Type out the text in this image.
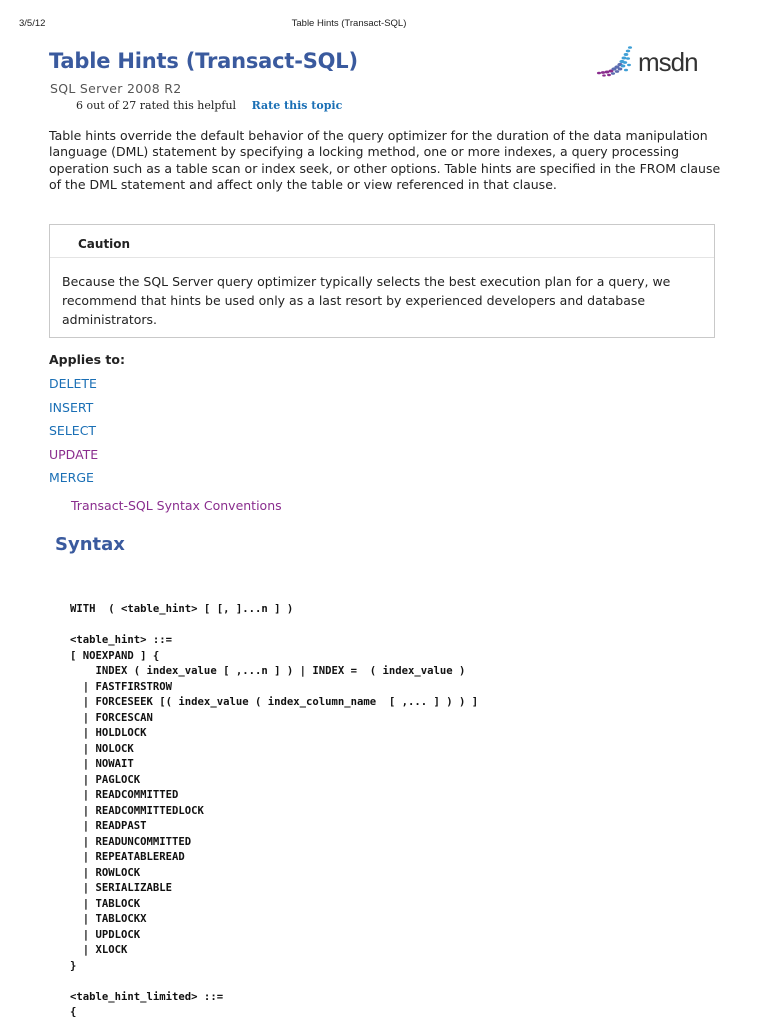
3/5/12	Table Hints (Transact-SQL)
Table Hints (Transact-SQL)
SQL Server 2008 R2
6 out of 27 rated this helpful Rate this topic
msdn

Table hints override the default behavior of the query optimizer for the duration of the data manipulation language (DML) statement by specifying a locking method, one or more indexes, a query processing operation such as a table scan or index seek, or other options. Table hints are specified in the FROM clause of the DML statement and affect only the table or view referenced in that clause.

Caution

Because the SQL Server query optimizer typically selects the best execution plan for a query, we recommend that hints be used only as a last resort by experienced developers and database administrators.

Applies to:
DELETE
INSERT
SELECT
UPDATE
MERGE
Transact-SQL Syntax Conventions
Syntax
WITH  ( <table_hint> [ [, ]...n ] )

<table_hint> ::=
[ NOEXPAND ] {
INDEX ( index_value [ ,...n ] ) | INDEX =  ( index_value )
| FASTFIRSTROW
| FORCESEEK [( index_value ( index_column_name  [ ,... ] ) ) ]
| FORCESCAN
| HOLDLOCK
| NOLOCK
| NOWAIT
| PAGLOCK
| READCOMMITTED
| READCOMMITTEDLOCK
| READPAST
| READUNCOMMITTED
| REPEATABLEREAD
| ROWLOCK
| SERIALIZABLE
| TABLOCK
| TABLOCKX
| UPDLOCK
| XLOCK
}

<table_hint_limited> ::=
{
